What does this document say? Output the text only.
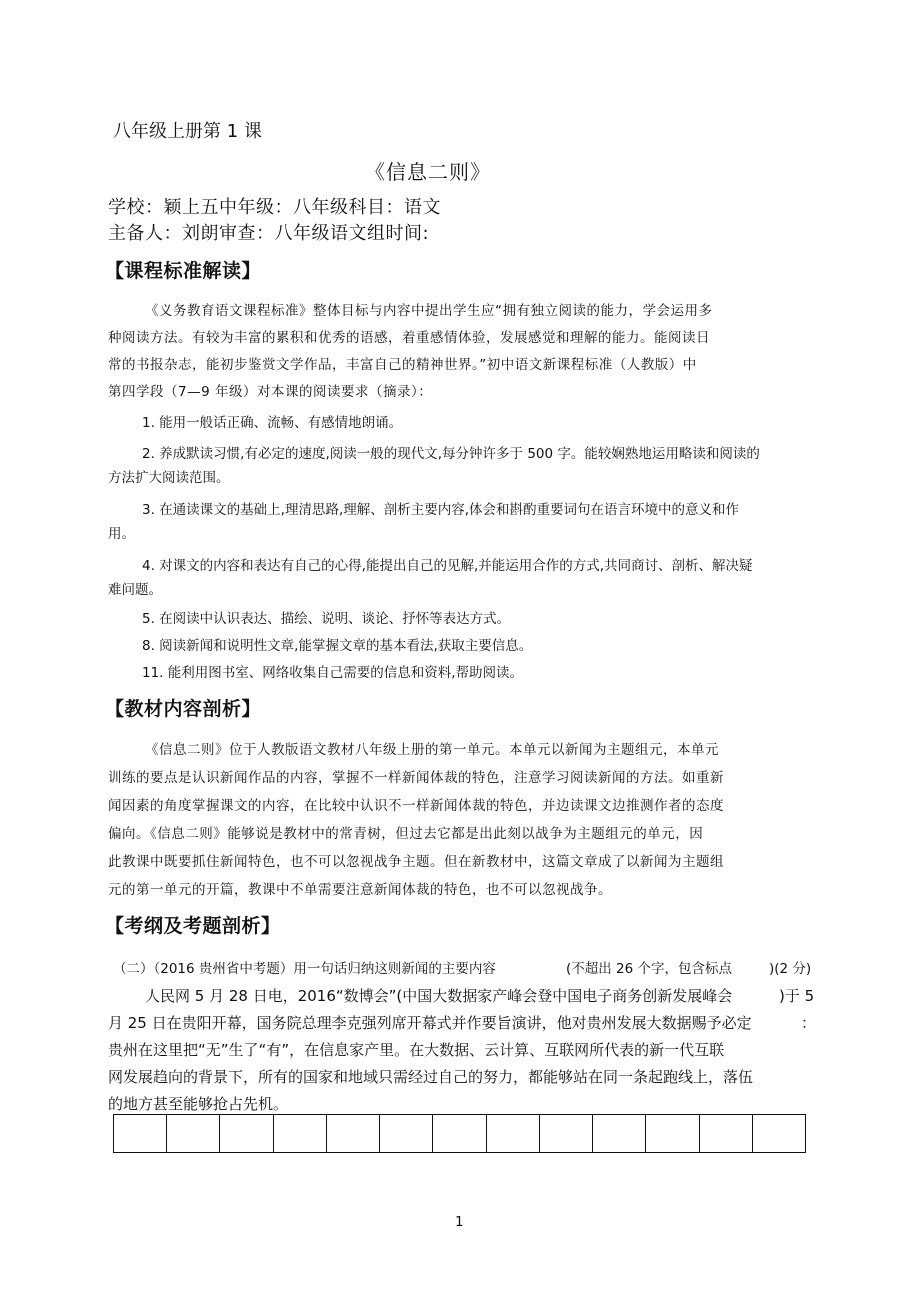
八年级上册第 1 课
《信息二则》
学校：颖上五中年级：八年级科目：语文
主备人：刘朗审查：八年级语文组时间:
【课程标准解读】
《义务教育语文课程标准》整体目标与内容中提出学生应“拥有独立阅读的能力，学会运用多
种阅读方法。有较为丰富的累积和优秀的语感，着重感情体验，发展感觉和理解的能力。能阅读日
常的书报杂志，能初步鉴赏文学作品，丰富自己的精神世界。”初中语文新课程标准（人教版）中
第四学段（7—9 年级）对本课的阅读要求（摘录）：
1. 能用一般话正确、流畅、有感情地朗诵。
2. 养成默读习惯,有必定的速度,阅读一般的现代文,每分钟许多于 500 字。能较娴熟地运用略读和阅读的
方法扩大阅读范围。
3. 在通读课文的基础上,理清思路,理解、剖析主要内容,体会和斟酌重要词句在语言环境中的意义和作
用。
4. 对课文的内容和表达有自己的心得,能提出自己的见解,并能运用合作的方式,共同商讨、剖析、解决疑
难问题。
5. 在阅读中认识表达、描绘、说明、谈论、抒怀等表达方式。
8. 阅读新闻和说明性文章,能掌握文章的基本看法,获取主要信息。
11. 能利用图书室、网络收集自己需要的信息和资料,帮助阅读。
【教材内容剖析】
《信息二则》位于人教版语文教材八年级上册的第一单元。本单元以新闻为主题组元，本单元
训练的要点是认识新闻作品的内容，掌握不一样新闻体裁的特色，注意学习阅读新闻的方法。如重新
闻因素的角度掌握课文的内容，在比较中认识不一样新闻体裁的特色，并边读课文边推测作者的态度
偏向。《信息二则》能够说是教材中的常青树，但过去它都是出此刻以战争为主题组元的单元，因
此教课中既要抓住新闻特色，也不可以忽视战争主题。但在新教材中，这篇文章成了以新闻为主题组
元的第一单元的开篇，教课中不单需要注意新闻体裁的特色，也不可以忽视战争。
【考纲及考题剖析】
（二）（2016 贵州省中考题）用一句话归纳这则新闻的主要内容	(不超出 26 个字，包含标点	)(2 分)
人民网 5 月 28 日电，2016“数博会”(中国大数据家产峰会登中国电子商务创新发展峰会	)于 5
月 25 日在贵阳开幕，国务院总理李克强列席开幕式并作要旨演讲，他对贵州发展大数据赐予必定	：
贵州在这里把“无”生了“有”，在信息家产里。在大数据、云计算、互联网所代表的新一代互联
网发展趋向的背景下，所有的国家和地域只需经过自己的努力，都能够站在同一条起跑线上，落伍
的地方甚至能够抢占先机。
1
